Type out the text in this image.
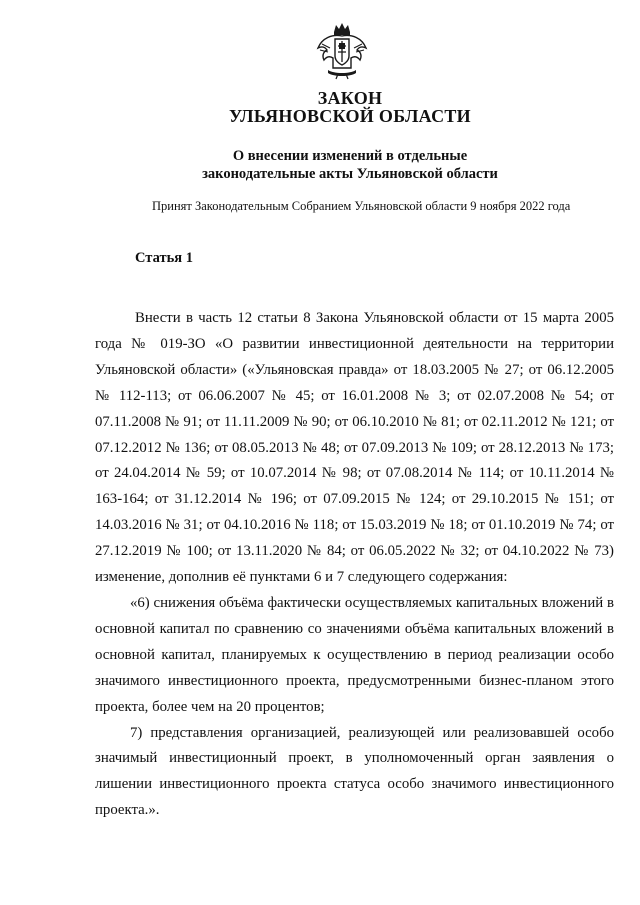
ЗАКОН
УЛЬЯНОВСКОЙ ОБЛАСТИ
О внесении изменений в отдельные
законодательные акты Ульяновской области
Принят Законодательным Собранием Ульяновской области 9 ноября 2022 года
Статья 1

Внести в часть 12 статьи 8 Закона Ульяновской области от 15 марта 2005 года № 019-ЗО «О развитии инвестиционной деятельности на территории Ульяновской области» («Ульяновская правда» от 18.03.2005 № 27; от 06.12.2005 № 112-113; от 06.06.2007 № 45; от 16.01.2008 № 3; от 02.07.2008 № 54; от 07.11.2008 № 91; от 11.11.2009 № 90; от 06.10.2010 № 81; от 02.11.2012 № 121; от 07.12.2012 № 136; от 08.05.2013 № 48; от 07.09.2013 № 109; от 28.12.2013 № 173; от 24.04.2014 № 59; от 10.07.2014 № 98; от 07.08.2014 № 114; от 10.11.2014 № 163-164; от 31.12.2014 № 196; от 07.09.2015 № 124; от 29.10.2015 № 151; от 14.03.2016 № 31; от 04.10.2016 № 118; от 15.03.2019 № 18; от 01.10.2019 № 74; от 27.12.2019 № 100; от 13.11.2020 № 84; от 06.05.2022 № 32; от 04.10.2022 № 73) изменение, дополнив её пунктами 6 и 7 следующего содержания:

«6) снижения объёма фактически осуществляемых капитальных вложений в основной капитал по сравнению со значениями объёма капитальных вложений в основной капитал, планируемых к осуществлению в период реализации особо значимого инвестиционного проекта, предусмотренными бизнес-планом этого проекта, более чем на 20 процентов;

7) представления организацией, реализующей или реализовавшей особо значимый инвестиционный проект, в уполномоченный орган заявления о лишении инвестиционного проекта статуса особо значимого инвестиционного проекта.».
